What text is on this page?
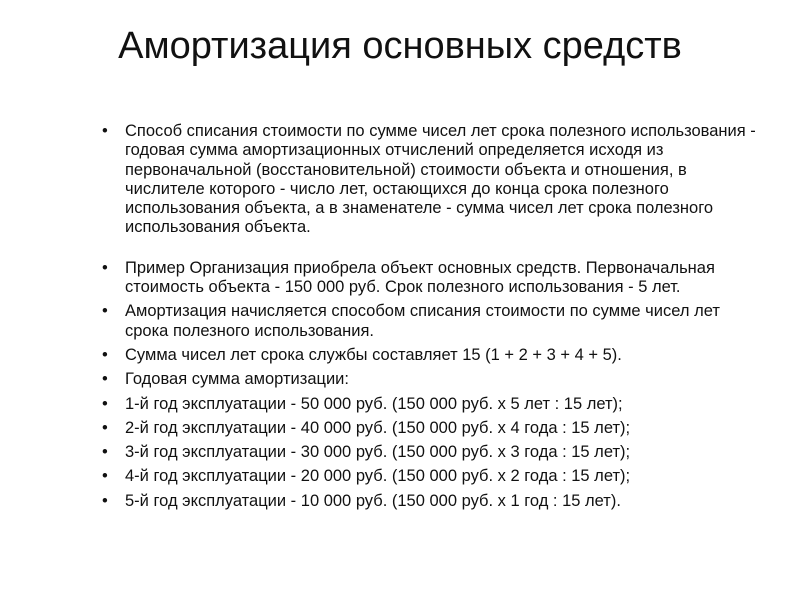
Амортизация основных средств
•	Способ списания стоимости по сумме чисел лет срока полезного использования - годовая сумма амортизационных отчислений определяется исходя из первоначальной (восстановительной) стоимости объекта и отношения, в числителе которого - число лет, остающихся до конца срока полезного использования объекта, а в знаменателе - сумма чисел лет срока полезного использования объекта.
•	Пример Организация приобрела объект основных средств. Первоначальная стоимость объекта - 150 000 руб. Срок полезного использования - 5 лет.
•	Амортизация начисляется способом списания стоимости по сумме чисел лет срока полезного использования.
•	Сумма чисел лет срока службы составляет 15 (1 + 2 + 3 + 4 + 5).
•	Годовая сумма амортизации:
•	1-й год эксплуатации - 50 000 руб. (150 000 руб. х 5 лет : 15 лет);
•	2-й год эксплуатации - 40 000 руб. (150 000 руб. х 4 года : 15 лет);
•	3-й год эксплуатации - 30 000 руб. (150 000 руб. х 3 года : 15 лет);
•	4-й год эксплуатации - 20 000 руб. (150 000 руб. х 2 года : 15 лет);
•	5-й год эксплуатации - 10 000 руб. (150 000 руб. х 1 год : 15 лет).
